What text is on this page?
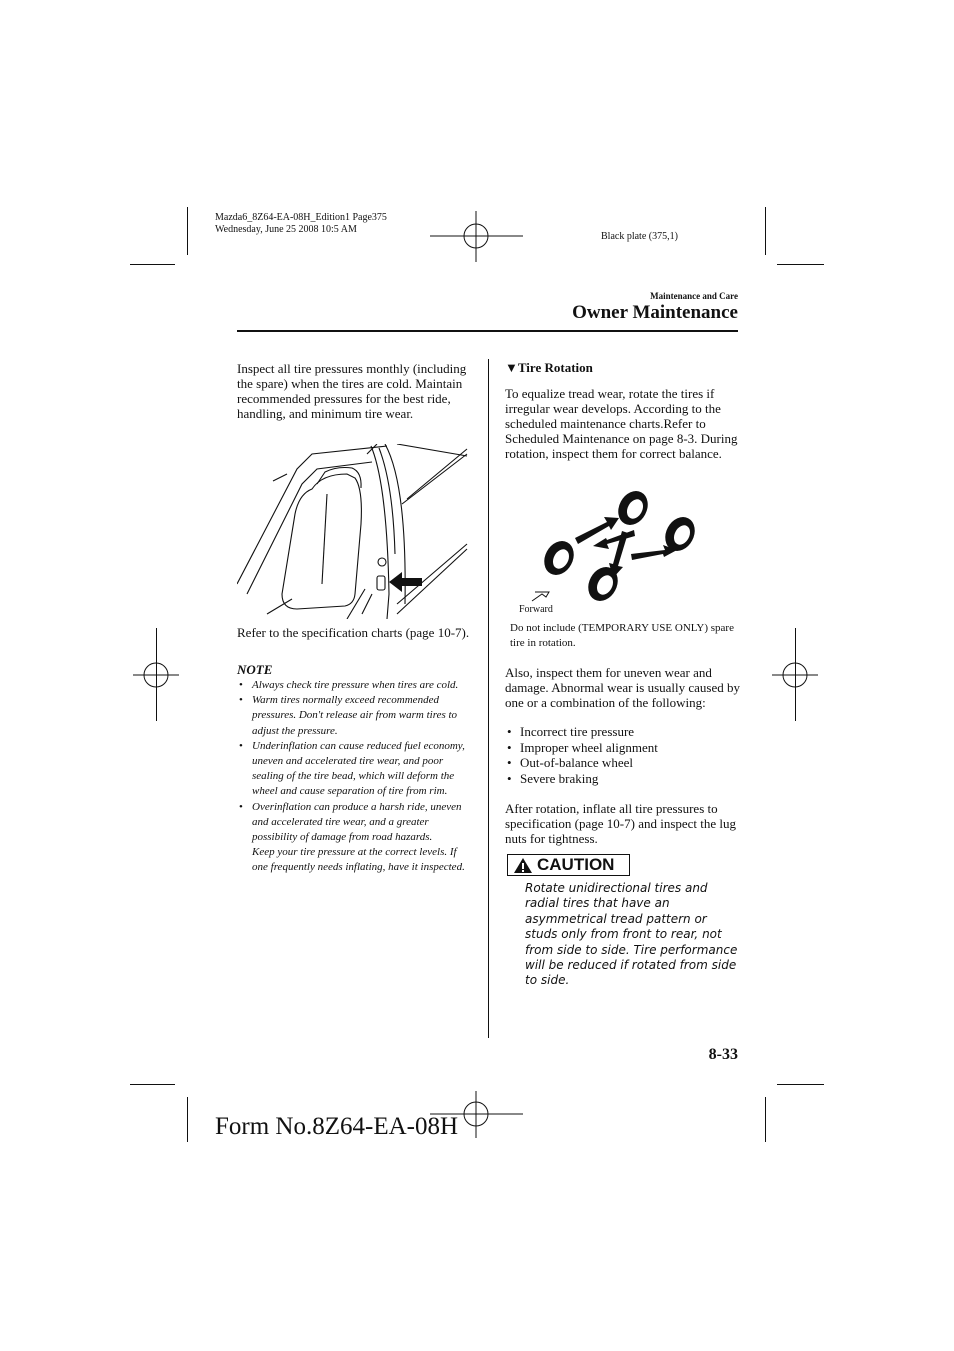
Mazda6_8Z64-EA-08H_Edition1 Page375
Wednesday, June 25 2008 10:5 AM
Black plate (375,1)
Maintenance and Care
Owner Maintenance
Inspect all tire pressures monthly (including the spare) when the tires are cold. Maintain recommended pressures for the best ride, handling, and minimum tire wear.
Refer to the specification charts (page 10-7).
NOTE
• Always check tire pressure when tires are cold.
• Warm tires normally exceed recommended pressures. Don't release air from warm tires to adjust the pressure.
• Underinflation can cause reduced fuel economy, uneven and accelerated tire wear, and poor sealing of the tire bead, which will deform the wheel and cause separation of tire from rim.
• Overinflation can produce a harsh ride, uneven and accelerated tire wear, and a greater possibility of damage from road hazards.
Keep your tire pressure at the correct levels. If one frequently needs inflating, have it inspected.
▼Tire Rotation
To equalize tread wear, rotate the tires if irregular wear develops. According to the scheduled maintenance charts.Refer to Scheduled Maintenance on page 8-3. During rotation, inspect them for correct balance.
Forward
Do not include (TEMPORARY USE ONLY) spare tire in rotation.
Also, inspect them for uneven wear and damage. Abnormal wear is usually caused by one or a combination of the following:
• Incorrect tire pressure
• Improper wheel alignment
• Out-of-balance wheel
• Severe braking
After rotation, inflate all tire pressures to specification (page 10-7) and inspect the lug nuts for tightness.
CAUTION
Rotate unidirectional tires and radial tires that have an asymmetrical tread pattern or studs only from front to rear, not from side to side. Tire performance will be reduced if rotated from side to side.
8-33
Form No.8Z64-EA-08H
